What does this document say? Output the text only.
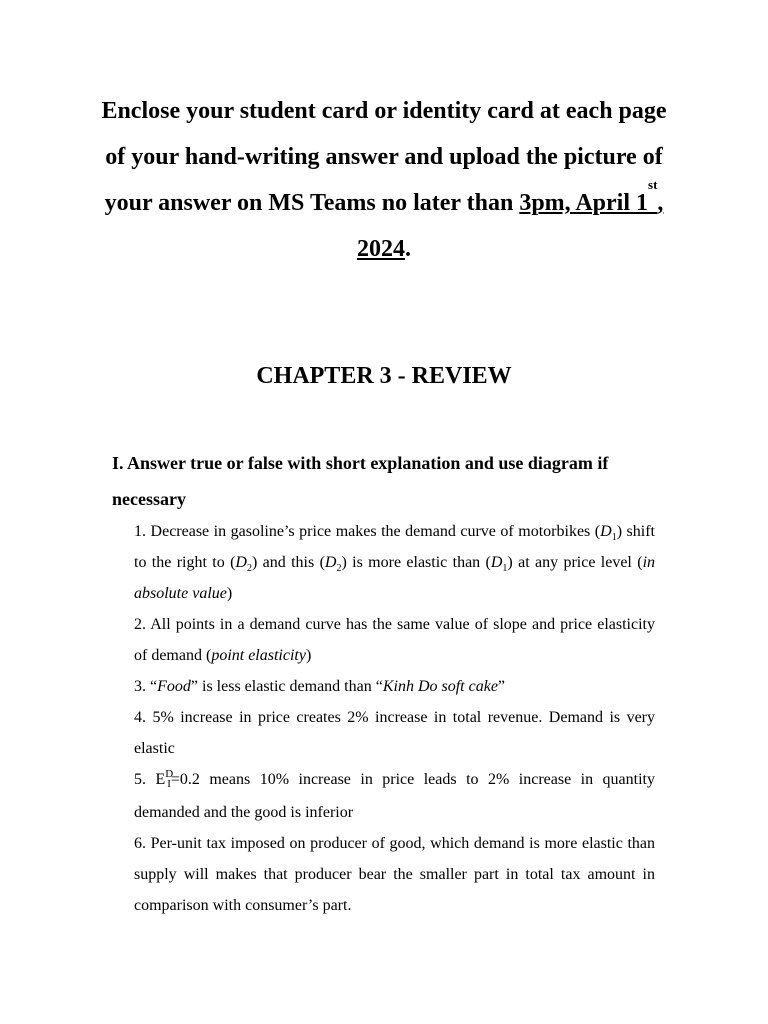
Enclose your student card or identity card at each page of your hand-writing answer and upload the picture of your answer on MS Teams no later than 3pm, April 1st, 2024.
CHAPTER 3 - REVIEW
I. Answer true or false with short explanation and use diagram if necessary

1. Decrease in gasoline’s price makes the demand curve of motorbikes $(D_1)$ shift to the right to $(D_2)$ and this $(D_2)$ is more elastic than $(D_1)$ at any price level (in absolute value)

2. All points in a demand curve has the same value of slope and price elasticity of demand (point elasticity)

3. “Food” is less elastic demand than “Kinh Do soft cake”

4. 5% increase in price creates 2% increase in total revenue. Demand is very elastic

5. $E^DI=0.2$ means 10% increase in price leads to 2% increase in quantity demanded and the good is inferior

6. Per-unit tax imposed on producer of good, which demand is more elastic than supply will makes that producer bear the smaller part in total tax amount in comparison with consumer’s part.
